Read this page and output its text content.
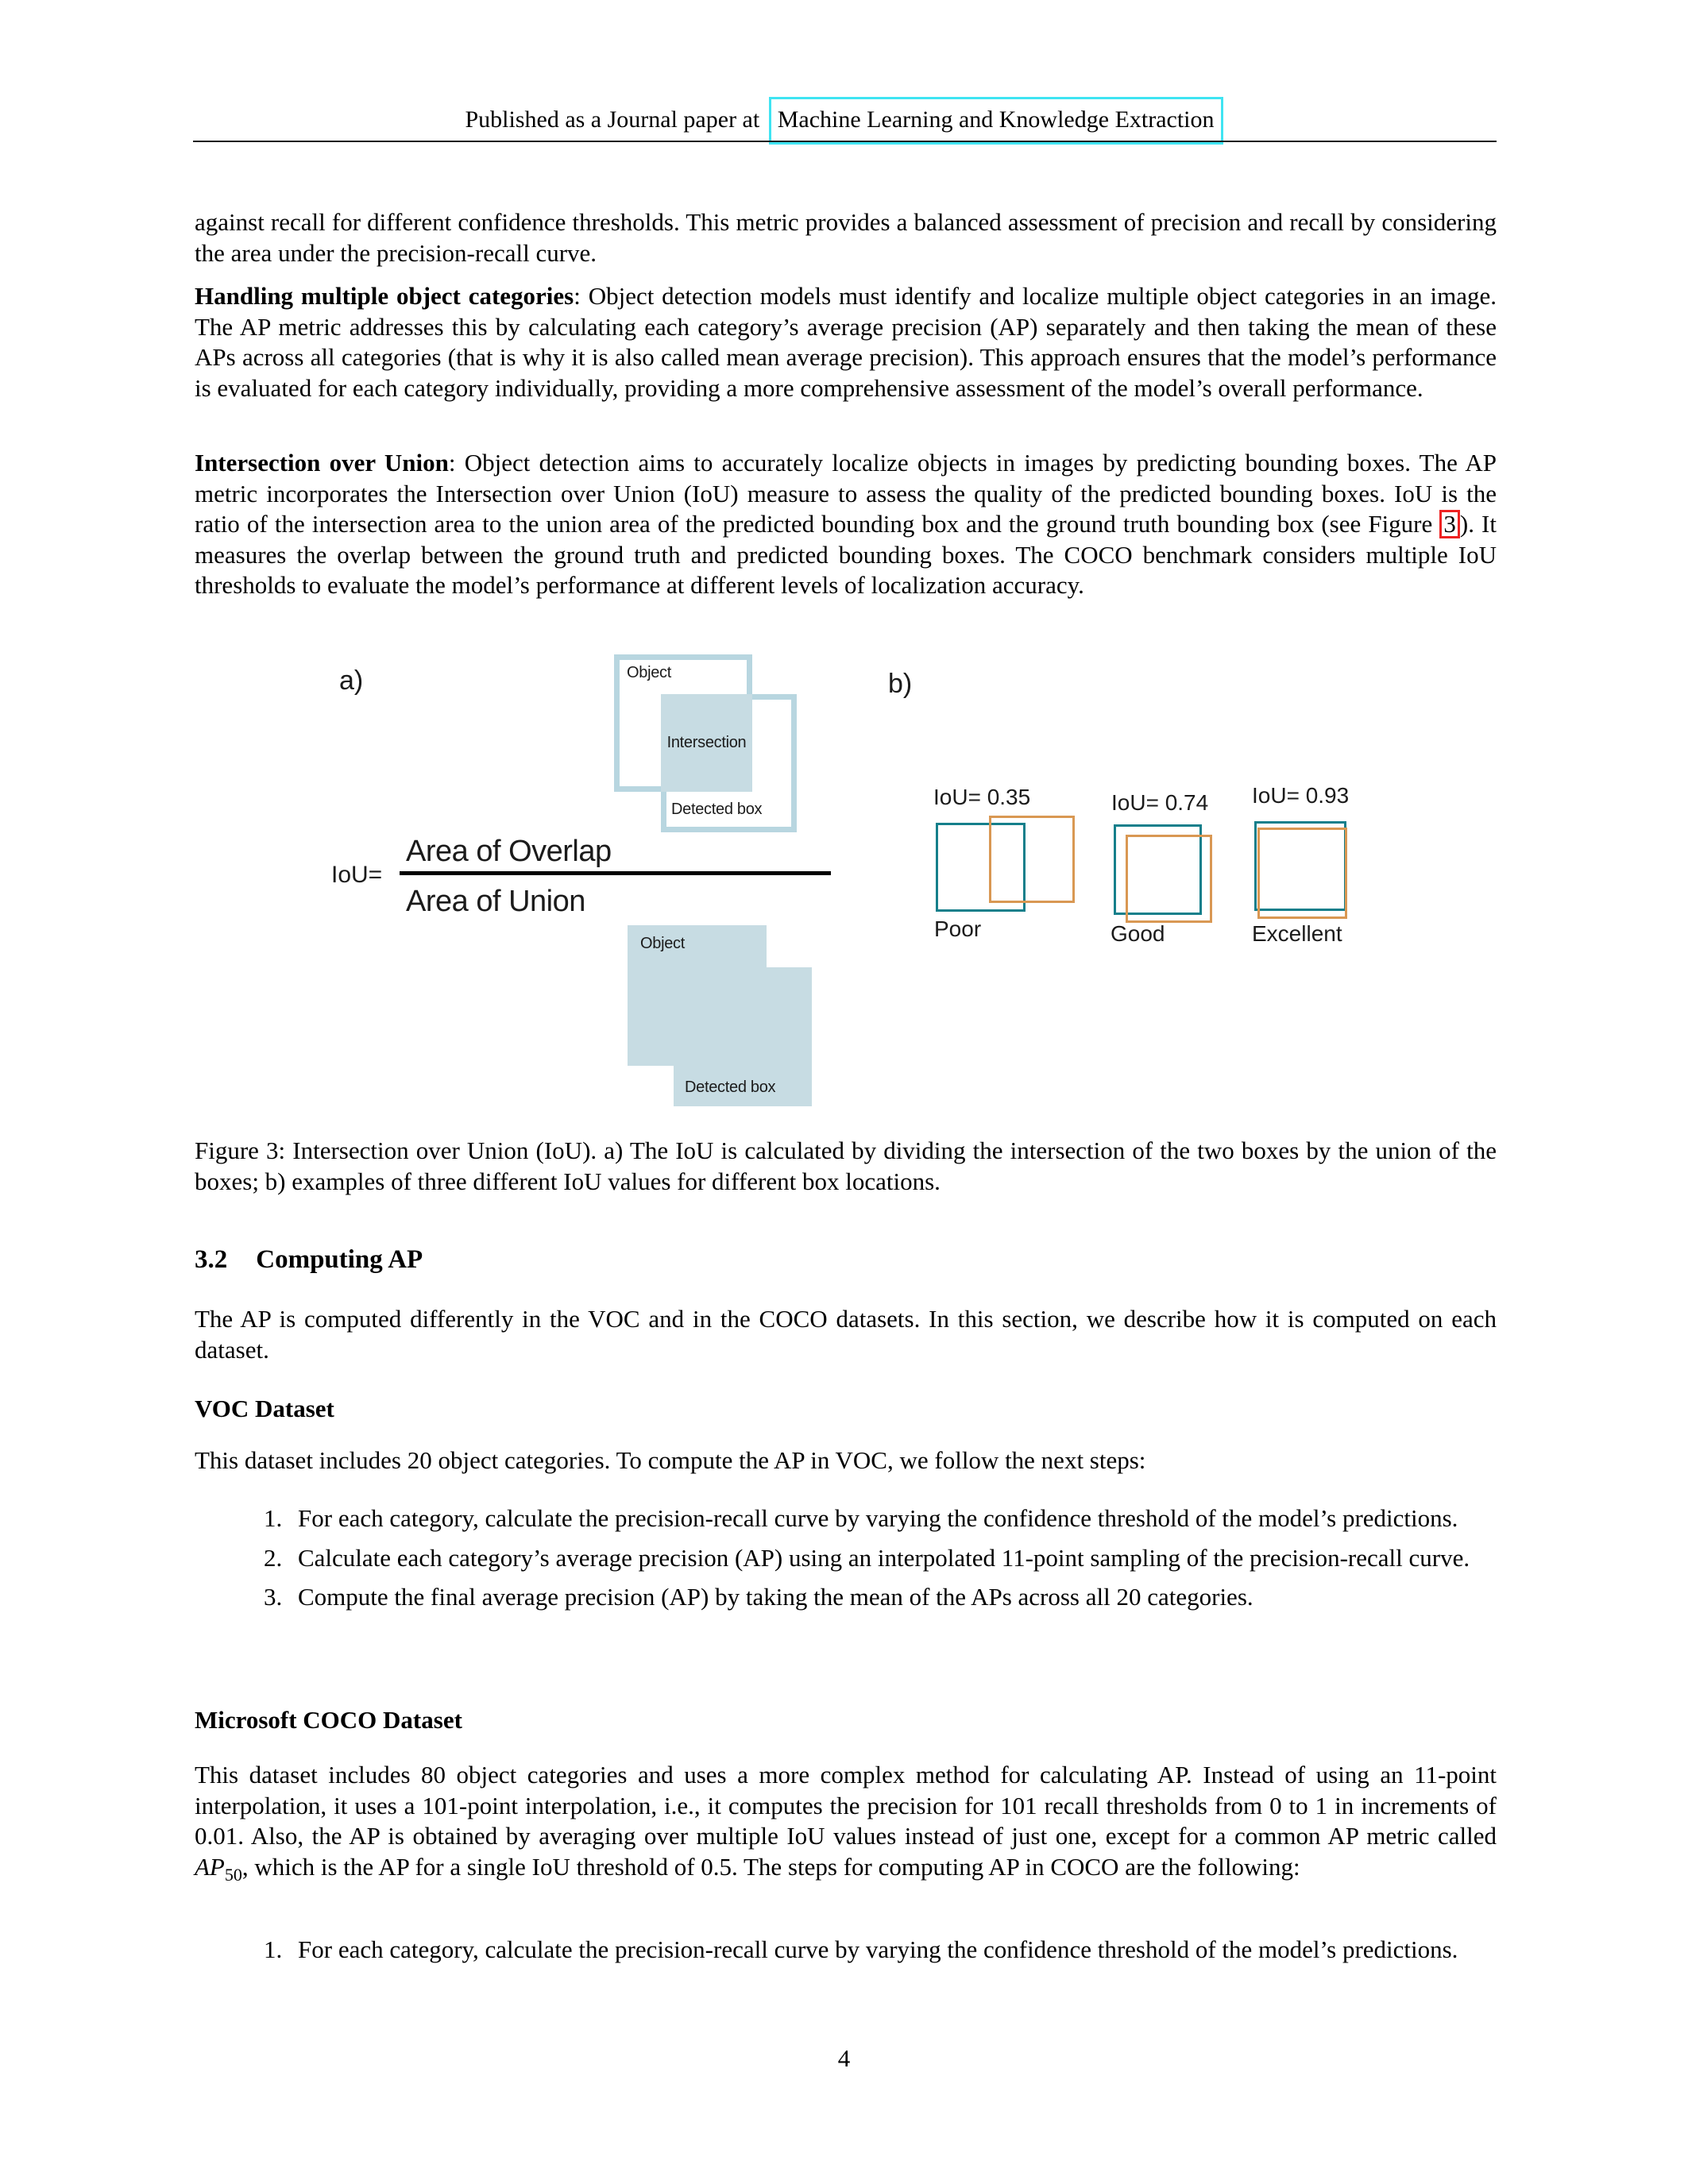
Published as a Journal paper at Machine Learning and Knowledge Extraction

against recall for different confidence thresholds. This metric provides a balanced assessment of precision and recall by considering the area under the precision-recall curve.

Handling multiple object categories: Object detection models must identify and localize multiple object categories in an image. The AP metric addresses this by calculating each category’s average precision (AP) separately and then taking the mean of these APs across all categories (that is why it is also called mean average precision). This approach ensures that the model’s performance is evaluated for each category individually, providing a more comprehensive assessment of the model’s overall performance.

Intersection over Union: Object detection aims to accurately localize objects in images by predicting bounding boxes. The AP metric incorporates the Intersection over Union (IoU) measure to assess the quality of the predicted bounding boxes. IoU is the ratio of the intersection area to the union area of the predicted bounding box and the ground truth bounding box (see Figure 3 ). It measures the overlap between the ground truth and predicted bounding boxes. The COCO benchmark considers multiple IoU thresholds to evaluate the model’s performance at different levels of localization accuracy.

a)	Object
Intersection
Detected box
IoU=
Area of Overlap
Area of Union
Object
Detected box
b)
IoU= 0.35
Poor
IoU= 0.74
Good
IoU= 0.93
Excellent

Figure 3: Intersection over Union (IoU). a) The IoU is calculated by dividing the intersection of the two boxes by the union of the boxes; b) examples of three different IoU values for different box locations.

3.2 Computing AP

The AP is computed differently in the VOC and in the COCO datasets. In this section, we describe how it is computed on each dataset.

VOC Dataset

This dataset includes 20 object categories. To compute the AP in VOC, we follow the next steps:

1. For each category, calculate the precision-recall curve by varying the confidence threshold of the model’s predictions.
2. Calculate each category’s average precision (AP) using an interpolated 11-point sampling of the precision-recall curve.
3. Compute the final average precision (AP) by taking the mean of the APs across all 20 categories.
Microsoft COCO Dataset

This dataset includes 80 object categories and uses a more complex method for calculating AP. Instead of using an 11-point interpolation, it uses a 101-point interpolation, i.e., it computes the precision for 101 recall thresholds from 0 to 1 in increments of 0.01. Also, the AP is obtained by averaging over multiple IoU values instead of just one, except for a common AP metric called $AP_{50}$, which is the AP for a single IoU threshold of 0.5. The steps for computing AP in COCO are the following:

1. For each category, calculate the precision-recall curve by varying the confidence threshold of the model’s predictions.
4
